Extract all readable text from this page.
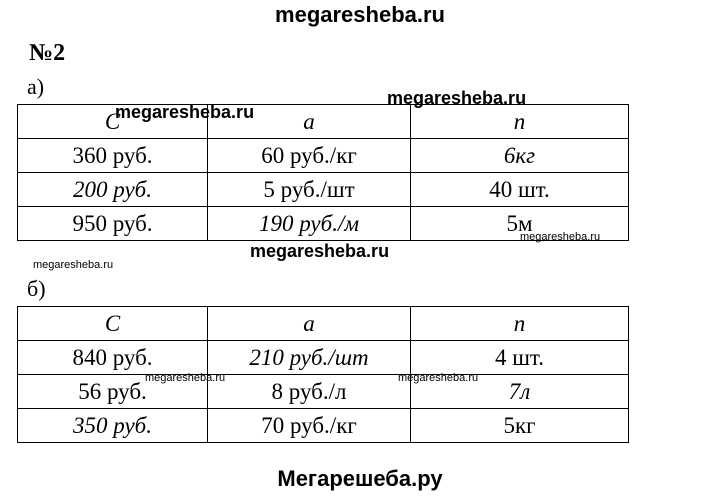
megaresheba.ru
№2
а)
C	a	n
360 руб.	60 руб./кг	6кг
200 руб.	5 руб./шт	40 шт.
950 руб.	190 руб./м	5м
б)
C	a	n
840 руб.	210 руб./шт	4 шт.
56 руб.	8 руб./л	7л
350 руб.	70 руб./кг	5кг
megaresheba.ru
megaresheba.ru
megaresheba.ru
megaresheba.ru
megaresheba.ru
megaresheba.ru	megaresheba.ru
Мегарешеба.ру
